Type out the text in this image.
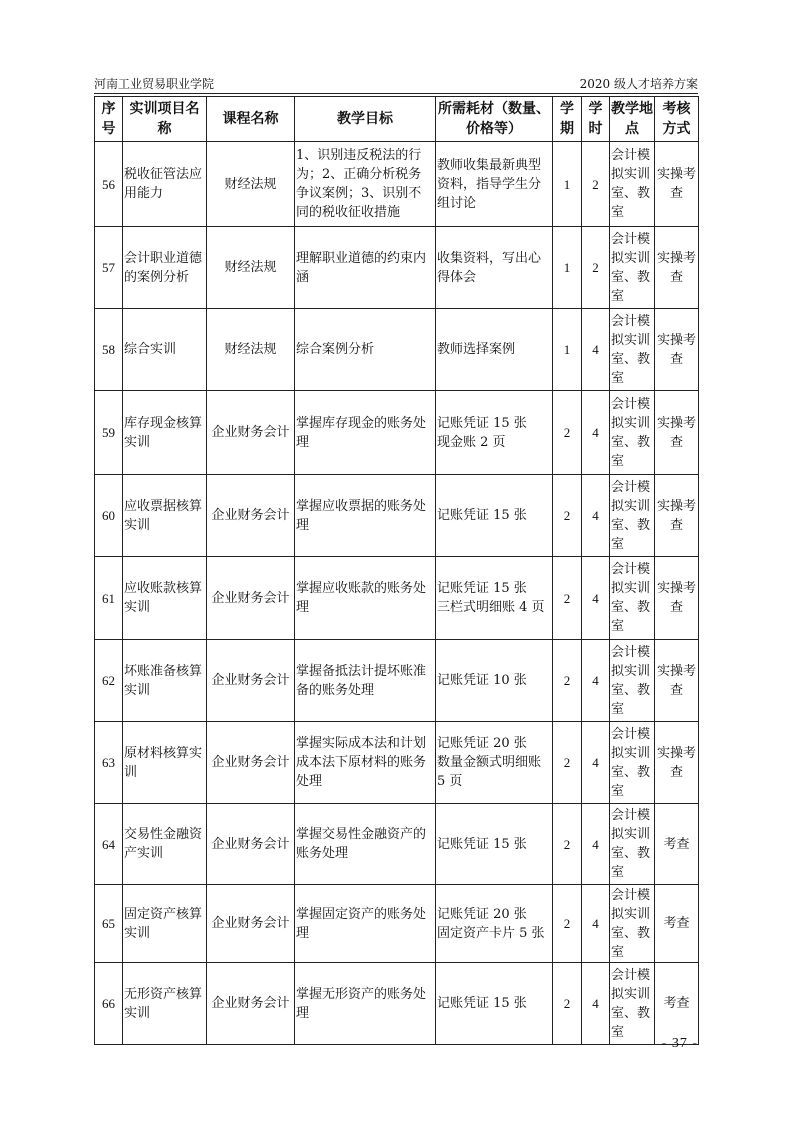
河南工业贸易职业学院	2020 级人才培养方案
序号	实训项目名称	课程名称	教学目标	所需耗材（数量、价格等）	学期	学时	教学地点	考核方式
56	税收征管法应用能力	财经法规	1、识别违反税法的行为；2、正确分析税务争议案例；3、识别不同的税收征收措施	教师收集最新典型资料，指导学生分组讨论	1	2	会计模拟实训室、教室	实操考查
57	会计职业道德的案例分析	财经法规	理解职业道德的约束内涵	收集资料，写出心得体会	1	2	会计模拟实训室、教室	实操考查
58	综合实训	财经法规	综合案例分析	教师选择案例	1	4	会计模拟实训室、教室	实操考查
59	库存现金核算实训	企业财务会计	掌握库存现金的账务处理	记账凭证 15 张
现金账 2 页	2	4	会计模拟实训室、教室	实操考查
60	应收票据核算实训	企业财务会计	掌握应收票据的账务处理	记账凭证 15 张	2	4	会计模拟实训室、教室	实操考查
61	应收账款核算实训	企业财务会计	掌握应收账款的账务处理	记账凭证 15 张
三栏式明细账 4 页	2	4	会计模拟实训室、教室	实操考查
62	坏账准备核算实训	企业财务会计	掌握备抵法计提坏账准备的账务处理	记账凭证 10 张	2	4	会计模拟实训室、教室	实操考查
63	原材料核算实训	企业财务会计	掌握实际成本法和计划成本法下原材料的账务处理	记账凭证 20 张
数量金额式明细账 5 页	2	4	会计模拟实训室、教室	实操考查
64	交易性金融资产实训	企业财务会计	掌握交易性金融资产的账务处理	记账凭证 15 张	2	4	会计模拟实训室、教室	考查
65	固定资产核算实训	企业财务会计	掌握固定资产的账务处理	记账凭证 20 张
固定资产卡片 5 张	2	4	会计模拟实训室、教室	考查
66	无形资产核算实训	企业财务会计	掌握无形资产的账务处理	记账凭证 15 张	2	4	会计模拟实训室、教室	考查
- 37 -
